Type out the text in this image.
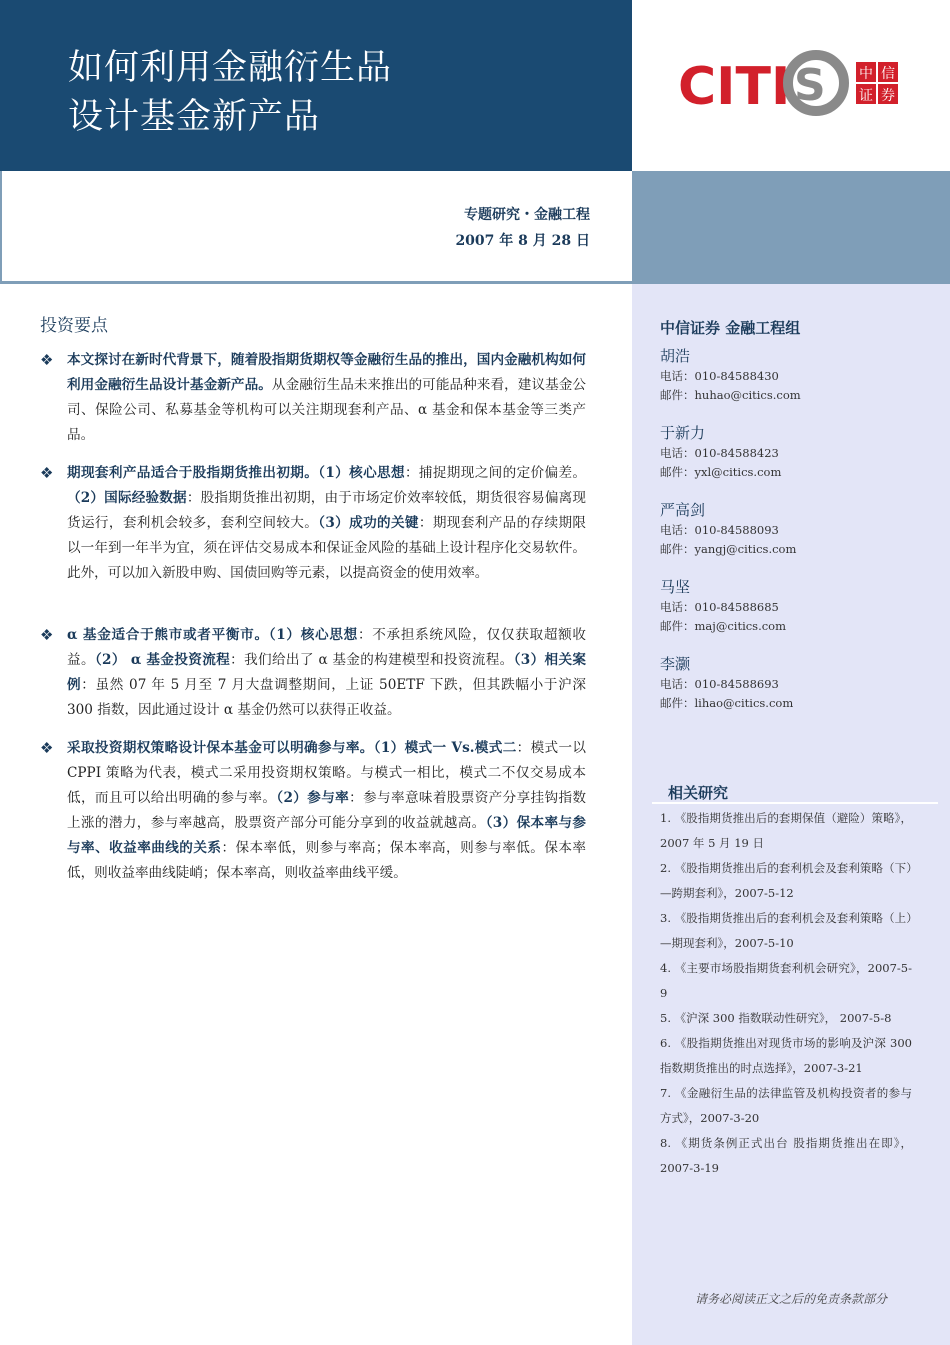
如何利用金融衍生品
设计基金新产品	CITI S 中 信
证 券
专题研究・金融工程
2007 年 8 月 28 日
中信证券 金融工程组
胡浩
电话：010-84588430
邮件：huhao@citics.com
于新力
电话：010-84588423
邮件：yxl@citics.com
严高剑
电话：010-84588093
邮件：yangj@citics.com
马坚
电话：010-84588685
邮件：maj@citics.com
李灏
电话：010-84588693
邮件：lihao@citics.com
相关研究
1. 《股指期货推出后的套期保值（避险）策略》，2007 年 5 月 19 日
2. 《股指期货推出后的套利机会及套利策略（下）—跨期套利》，2007-5-12
3. 《股指期货推出后的套利机会及套利策略（上）—期现套利》，2007-5-10
4. 《主要市场股指期货套利机会研究》，2007-5-9
5. 《沪深 300 指数联动性研究》， 2007-5-8
6. 《股指期货推出对现货市场的影响及沪深 300 指数期货推出的时点选择》，2007-3-21
7. 《金融衍生品的法律监管及机构投资者的参与方式》，2007-3-20
8. 《期货条例正式出台 股指期货推出在即》，2007-3-19
请务必阅读正文之后的免责条款部分
投资要点
❖ 本文探讨在新时代背景下，随着股指期货期权等金融衍生品的推出，国内金融机构如何利用金融衍生品设计基金新产品。从金融衍生品未来推出的可能品种来看，建议基金公司、保险公司、私募基金等机构可以关注期现套利产品、α 基金和保本基金等三类产品。
❖ 期现套利产品适合于股指期货推出初期。（1）核心思想：捕捉期现之间的定价偏差。（2）国际经验数据：股指期货推出初期，由于市场定价效率较低，期货很容易偏离现货运行，套利机会较多，套利空间较大。（3）成功的关键：期现套利产品的存续期限以一年到一年半为宜，须在评估交易成本和保证金风险的基础上设计程序化交易软件。此外，可以加入新股申购、国债回购等元素，以提高资金的使用效率。
❖ α 基金适合于熊市或者平衡市。（1）核心思想：不承担系统风险，仅仅获取超额收益。（2） α 基金投资流程：我们给出了 α 基金的构建模型和投资流程。（3）相关案例：虽然 07 年 5 月至 7 月大盘调整期间，上证 50ETF 下跌，但其跌幅小于沪深 300 指数，因此通过设计 α 基金仍然可以获得正收益。
❖ 采取投资期权策略设计保本基金可以明确参与率。（1）模式一 Vs.模式二：模式一以 CPPI 策略为代表，模式二采用投资期权策略。与模式一相比，模式二不仅交易成本低，而且可以给出明确的参与率。（2）参与率：参与率意味着股票资产分享挂钩指数上涨的潜力，参与率越高，股票资产部分可能分享到的收益就越高。（3）保本率与参与率、收益率曲线的关系：保本率低，则参与率高；保本率高，则参与率低。保本率低，则收益率曲线陡峭；保本率高，则收益率曲线平缓。
